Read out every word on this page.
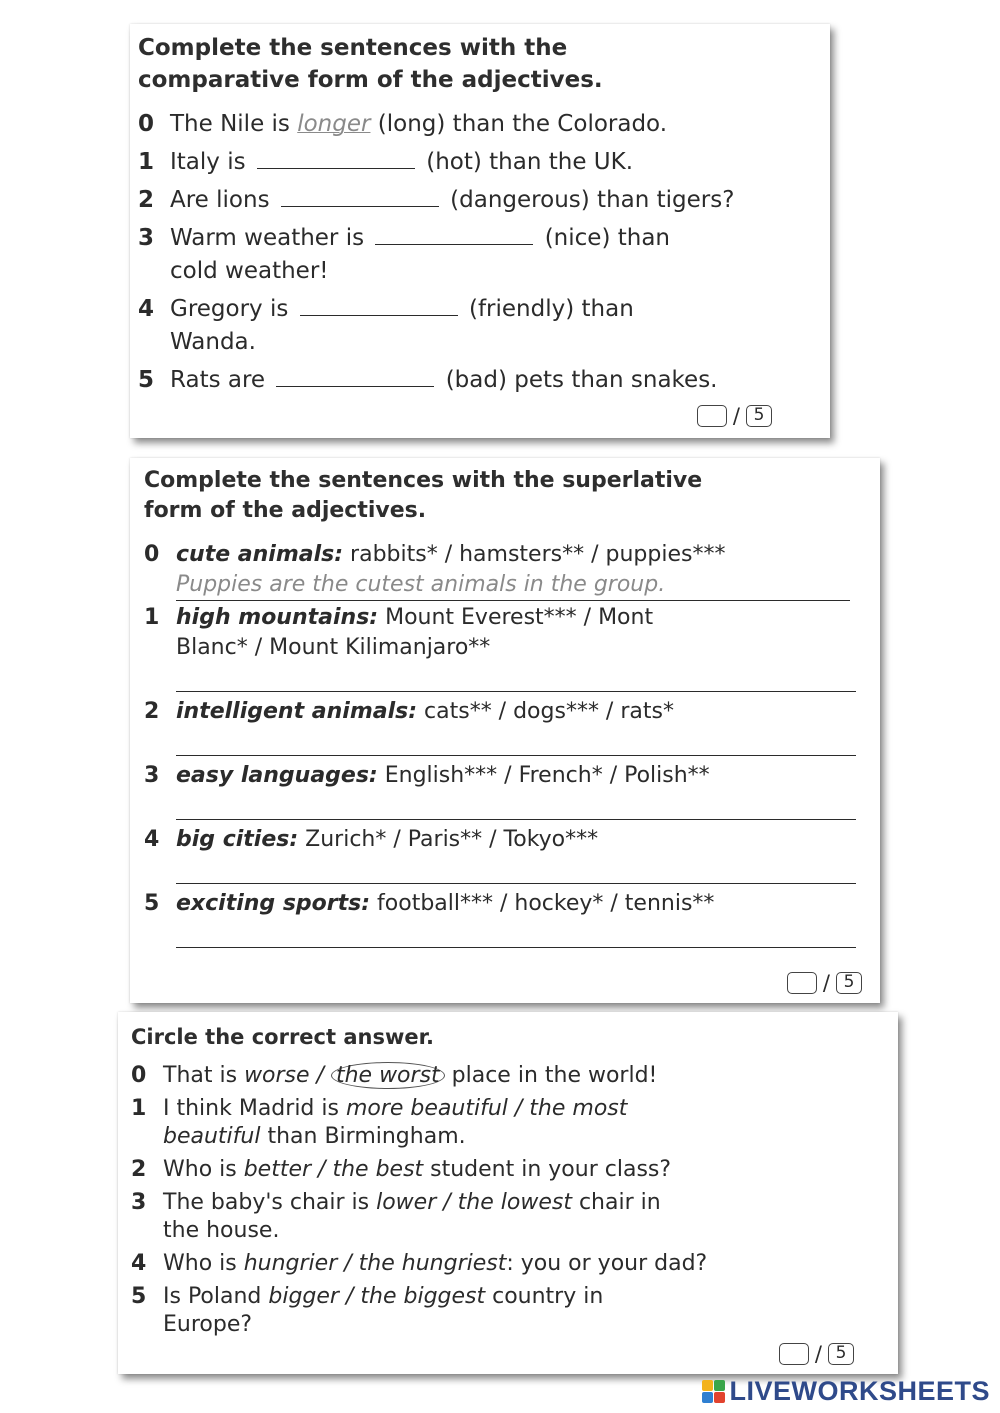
Complete the sentences with the
comparative form of the adjectives.

0 The Nile is longer (long) than the Colorado.
1 Italy is	(hot) than the UK.
2 Are lions	(dangerous) than tigers?
3 Warm weather is	(nice) than
cold weather!
4 Gregory is	(friendly) than
Wanda.
5 Rats are	(bad) pets than snakes.
/ 5

Complete the sentences with the superlative
form of the adjectives.

0 cute animals: rabbits* / hamsters** / puppies***
Puppies are the cutest animals in the group.
1 high mountains: Mount Everest*** / Mont
Blanc* / Mount Kilimanjaro**
2 intelligent animals: cats** / dogs*** / rats*
3 easy languages: English*** / French* / Polish**
4 big cities: Zurich* / Paris** / Tokyo***
5 exciting sports: football*** / hockey* / tennis**
/ 5

Circle the correct answer.

0 That is worse / the worst place in the world!
1 I think Madrid is more beautiful / the most
beautiful than Birmingham.
2 Who is better / the best student in your class?
3 The baby's chair is lower / the lowest chair in
the house.
4 Who is hungrier / the hungriest: you or your dad?
5 Is Poland bigger / the biggest country in
Europe?
/ 5
LIVEWORKSHEETS
